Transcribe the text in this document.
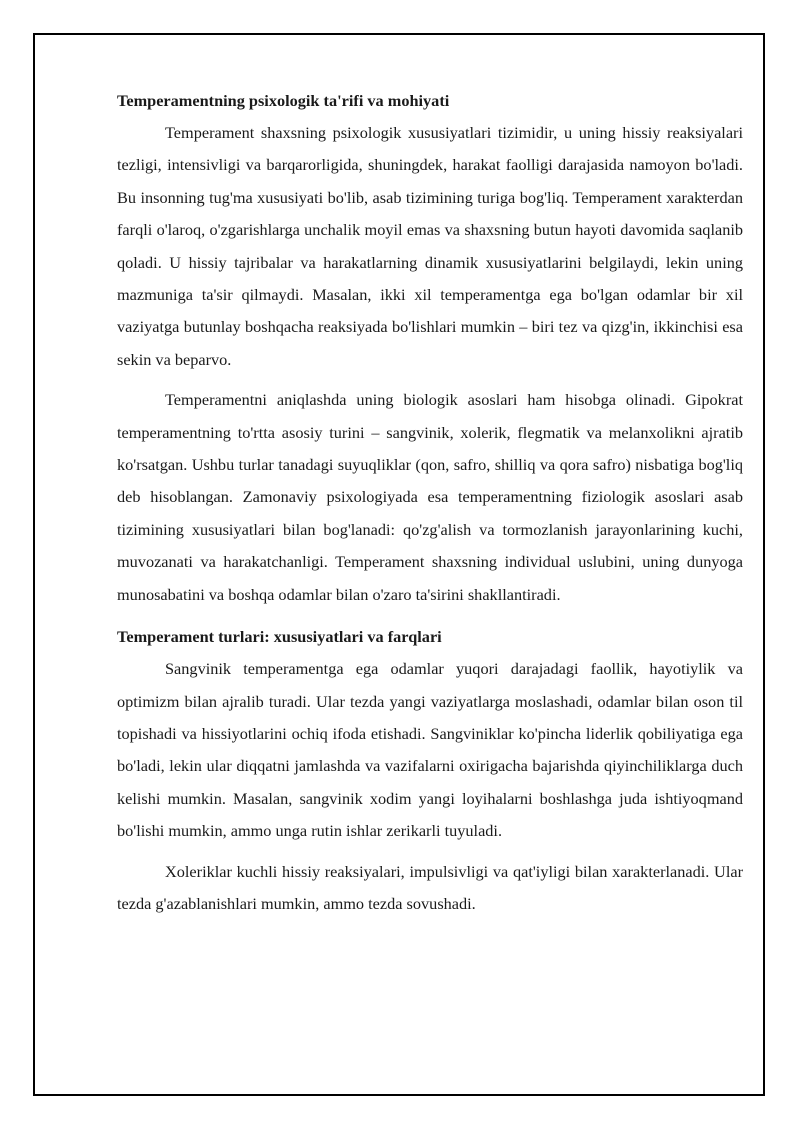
Temperamentning psixologik ta'rifi va mohiyati

Temperament shaxsning psixologik xususiyatlari tizimidir, u uning hissiy reaksiyalari tezligi, intensivligi va barqarorligida, shuningdek, harakat faolligi darajasida namoyon bo'ladi. Bu insonning tug'ma xususiyati bo'lib, asab tizimining turiga bog'liq. Temperament xarakterdan farqli o'laroq, o'zgarishlarga unchalik moyil emas va shaxsning butun hayoti davomida saqlanib qoladi. U hissiy tajribalar va harakatlarning dinamik xususiyatlarini belgilaydi, lekin uning mazmuniga ta'sir qilmaydi. Masalan, ikki xil temperamentga ega bo'lgan odamlar bir xil vaziyatga butunlay boshqacha reaksiyada bo'lishlari mumkin – biri tez va qizg'in, ikkinchisi esa sekin va beparvo.

Temperamentni aniqlashda uning biologik asoslari ham hisobga olinadi. Gipokrat temperamentning to'rtta asosiy turini – sangvinik, xolerik, flegmatik va melanxolikni ajratib ko'rsatgan. Ushbu turlar tanadagi suyuqliklar (qon, safro, shilliq va qora safro) nisbatiga bog'liq deb hisoblangan. Zamonaviy psixologiyada esa temperamentning fiziologik asoslari asab tizimining xususiyatlari bilan bog'lanadi: qo'zg'alish va tormozlanish jarayonlarining kuchi, muvozanati va harakatchanligi. Temperament shaxsning individual uslubini, uning dunyoga munosabatini va boshqa odamlar bilan o'zaro ta'sirini shakllantiradi.

Temperament turlari: xususiyatlari va farqlari

Sangvinik temperamentga ega odamlar yuqori darajadagi faollik, hayotiylik va optimizm bilan ajralib turadi. Ular tezda yangi vaziyatlarga moslashadi, odamlar bilan oson til topishadi va hissiyotlarini ochiq ifoda etishadi. Sangviniklar ko'pincha liderlik qobiliyatiga ega bo'ladi, lekin ular diqqatni jamlashda va vazifalarni oxirigacha bajarishda qiyinchiliklarga duch kelishi mumkin. Masalan, sangvinik xodim yangi loyihalarni boshlashga juda ishtiyoqmand bo'lishi mumkin, ammo unga rutin ishlar zerikarli tuyuladi.

Xoleriklar kuchli hissiy reaksiyalari, impulsivligi va qat'iyligi bilan xarakterlanadi. Ular tezda g'azablanishlari mumkin, ammo tezda sovushadi.
